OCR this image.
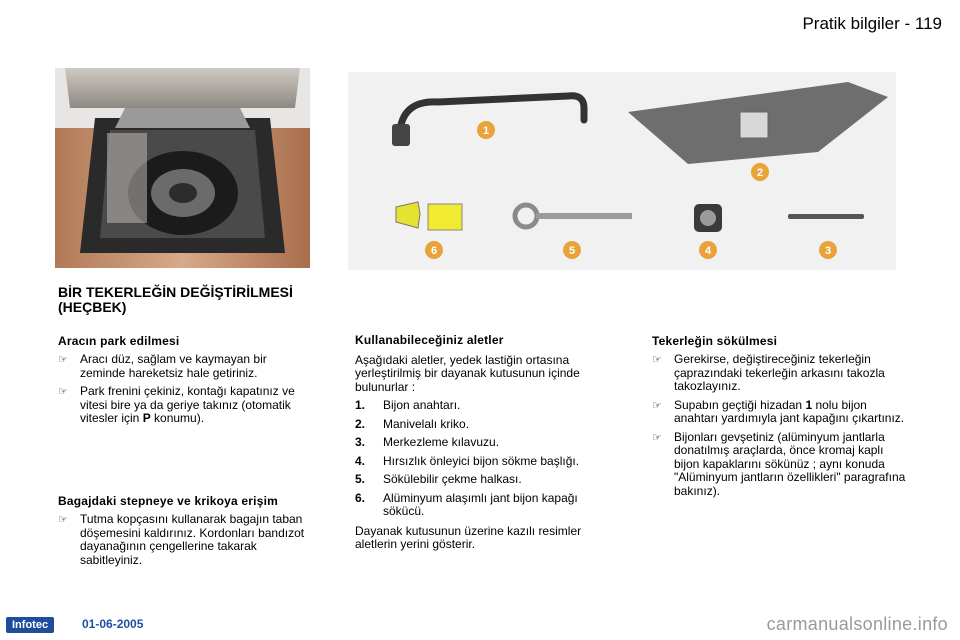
Pratik bilgiler - 119
1
2
6	5	4	3
BİR TEKERLEĞİN DEĞİŞTİRİLMESİ (HEÇBEK)
Aracın park edilmesi
☞	Aracı düz, sağlam ve kaymayan bir zeminde hareketsiz hale getiriniz.
☞	Park frenini çekiniz, kontağı kapatınız ve vitesi bire ya da geriye takınız (otomatik vitesler için P konumu).
Bagajdaki stepneye ve krikoya erişim
☞	Tutma kopçasını kullanarak bagajın taban döşemesini kaldırınız. Kordonları bandızot dayanağının çengellerine takarak sabitleyiniz.
Kullanabileceğiniz aletler
Aşağıdaki aletler, yedek lastiğin ortasına yerleştirilmiş bir dayanak kutusunun içinde bulunurlar :
1.	Bijon anahtarı.
2.	Manivelalı kriko.
3.	Merkezleme kılavuzu.
4.	Hırsızlık önleyici bijon sökme başlığı.
5.	Sökülebilir çekme halkası.
6.	Alüminyum alaşımlı jant bijon kapağı sökücü.
Dayanak kutusunun üzerine kazılı resimler aletlerin yerini gösterir.
Tekerleğin sökülmesi
☞	Gerekirse, değiştireceğiniz tekerleğin çaprazındaki tekerleğin arkasını takozla takozlayınız.
☞	Supabın geçtiği hizadan 1 nolu bijon anahtarı yardımıyla jant kapağını çıkartınız.
☞	Bijonları gevşetiniz (alüminyum jantlarla donatılmış araçlarda, önce kromaj kaplı bijon kapaklarını sökünüz ; aynı konuda "Alüminyum jantların özellikleri" paragrafına bakınız).
Infotec	01-06-2005	carmanualsonline.info
